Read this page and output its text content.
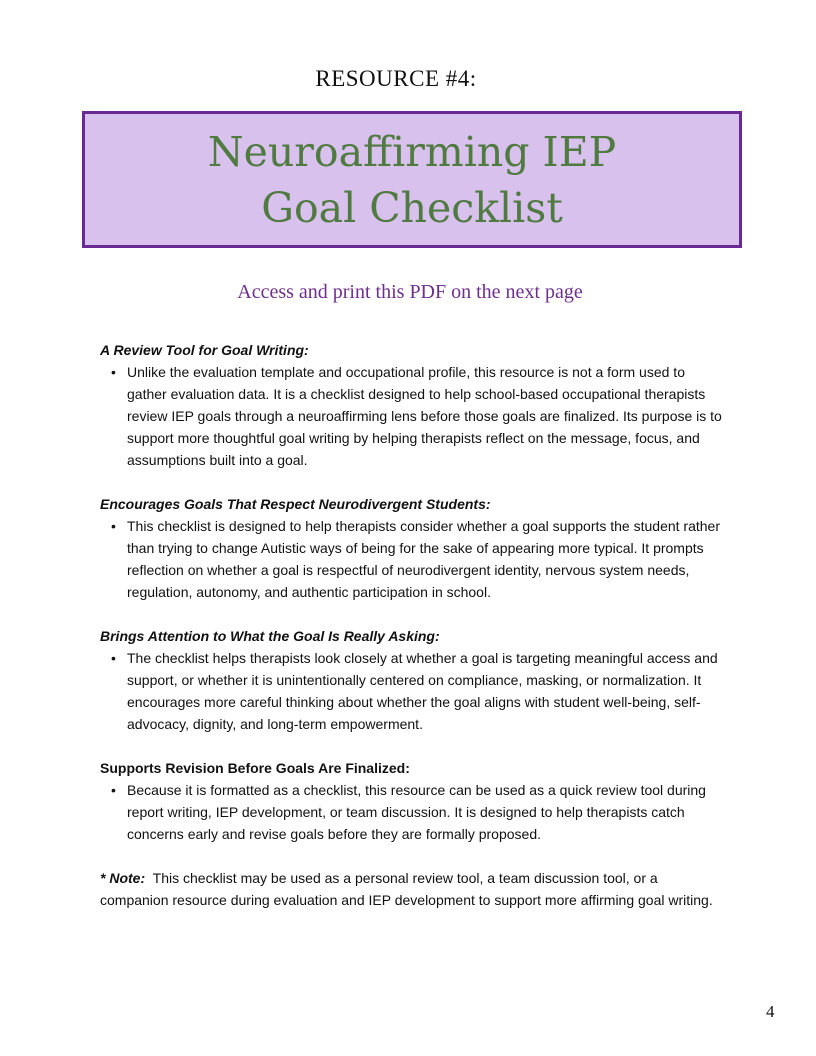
RESOURCE #4:
Neuroaffirming IEP
Goal Checklist
Access and print this PDF on the next page
A Review Tool for Goal Writing:
• Unlike the evaluation template and occupational profile, this resource is not a form used to gather evaluation data. It is a checklist designed to help school-based occupational therapists review IEP goals through a neuroaffirming lens before those goals are finalized. Its purpose is to support more thoughtful goal writing by helping therapists reflect on the message, focus, and assumptions built into a goal.
Encourages Goals That Respect Neurodivergent Students:
• This checklist is designed to help therapists consider whether a goal supports the student rather than trying to change Autistic ways of being for the sake of appearing more typical. It prompts reflection on whether a goal is respectful of neurodivergent identity, nervous system needs, regulation, autonomy, and authentic participation in school.
Brings Attention to What the Goal Is Really Asking:
• The checklist helps therapists look closely at whether a goal is targeting meaningful access and support, or whether it is unintentionally centered on compliance, masking, or normalization. It encourages more careful thinking about whether the goal aligns with student well-being, self-advocacy, dignity, and long-term empowerment.
Supports Revision Before Goals Are Finalized:
• Because it is formatted as a checklist, this resource can be used as a quick review tool during report writing, IEP development, or team discussion. It is designed to help therapists catch concerns early and revise goals before they are formally proposed.
* Note: This checklist may be used as a personal review tool, a team discussion tool, or a companion resource during evaluation and IEP development to support more affirming goal writing.
4
